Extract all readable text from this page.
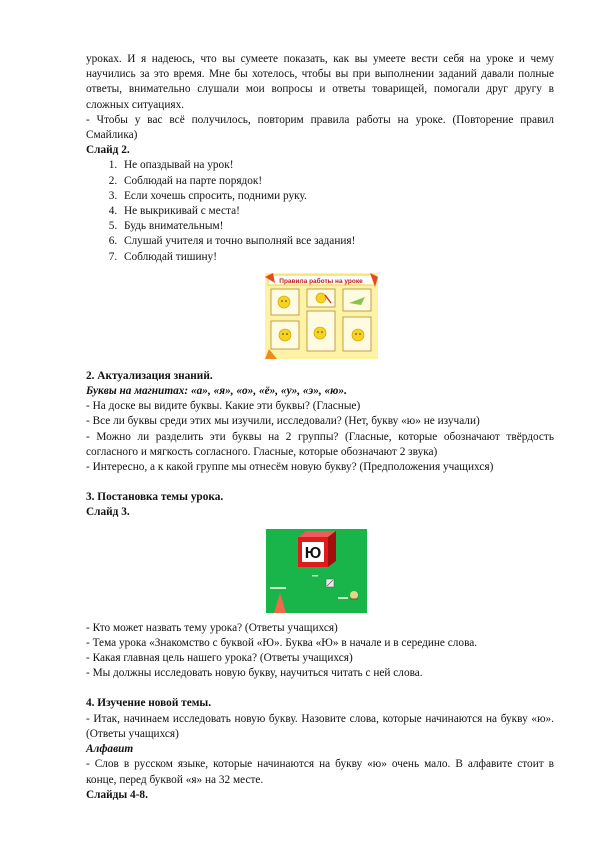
уроках. И я надеюсь, что вы сумеете показать, как вы умеете вести себя на уроке и чему научились за это время. Мне бы хотелось, чтобы вы при выполнении заданий давали полные ответы, внимательно слушали мои вопросы и ответы товарищей, помогали друг другу в сложных ситуациях.
- Чтобы у вас всё получилось, повторим правила работы на уроке. (Повторение правил Смайлика)
Слайд 2.
1. Не опаздывай на урок!
2. Соблюдай на парте порядок!
3. Если хочешь спросить, подними руку.
4. Не выкрикивай с места!
5. Будь внимательным!
6. Слушай учителя и точно выполняй все задания!
7. Соблюдай тишину!
Правила работы на уроке
2. Актуализация знаний.
Буквы на магнитах: «а», «я», «о», «ё», «у», «э», «ю».
- На доске вы видите буквы. Какие эти буквы? (Гласные)
- Все ли буквы среди этих мы изучили, исследовали? (Нет, букву «ю» не изучали)
- Можно ли разделить эти буквы на 2 группы? (Гласные, которые обозначают твёрдость согласного и мягкость согласного. Гласные, которые обозначают 2 звука)
- Интересно, а к какой группе мы отнесём новую букву? (Предположения учащихся)
3. Постановка темы урока.
Слайд 3.
Ю
- Кто может назвать тему урока? (Ответы учащихся)
- Тема урока «Знакомство с буквой «Ю». Буква «Ю» в начале и в середине слова.
- Какая главная цель нашего урока? (Ответы учащихся)
- Мы должны исследовать новую букву, научиться читать с ней слова.
4. Изучение новой темы.
- Итак, начинаем исследовать новую букву. Назовите слова, которые начинаются на букву «ю». (Ответы учащихся)
Алфавит
- Слов в русском языке, которые начинаются на букву «ю» очень мало. В алфавите стоит в конце, перед буквой «я» на 32 месте.
Слайды 4-8.
